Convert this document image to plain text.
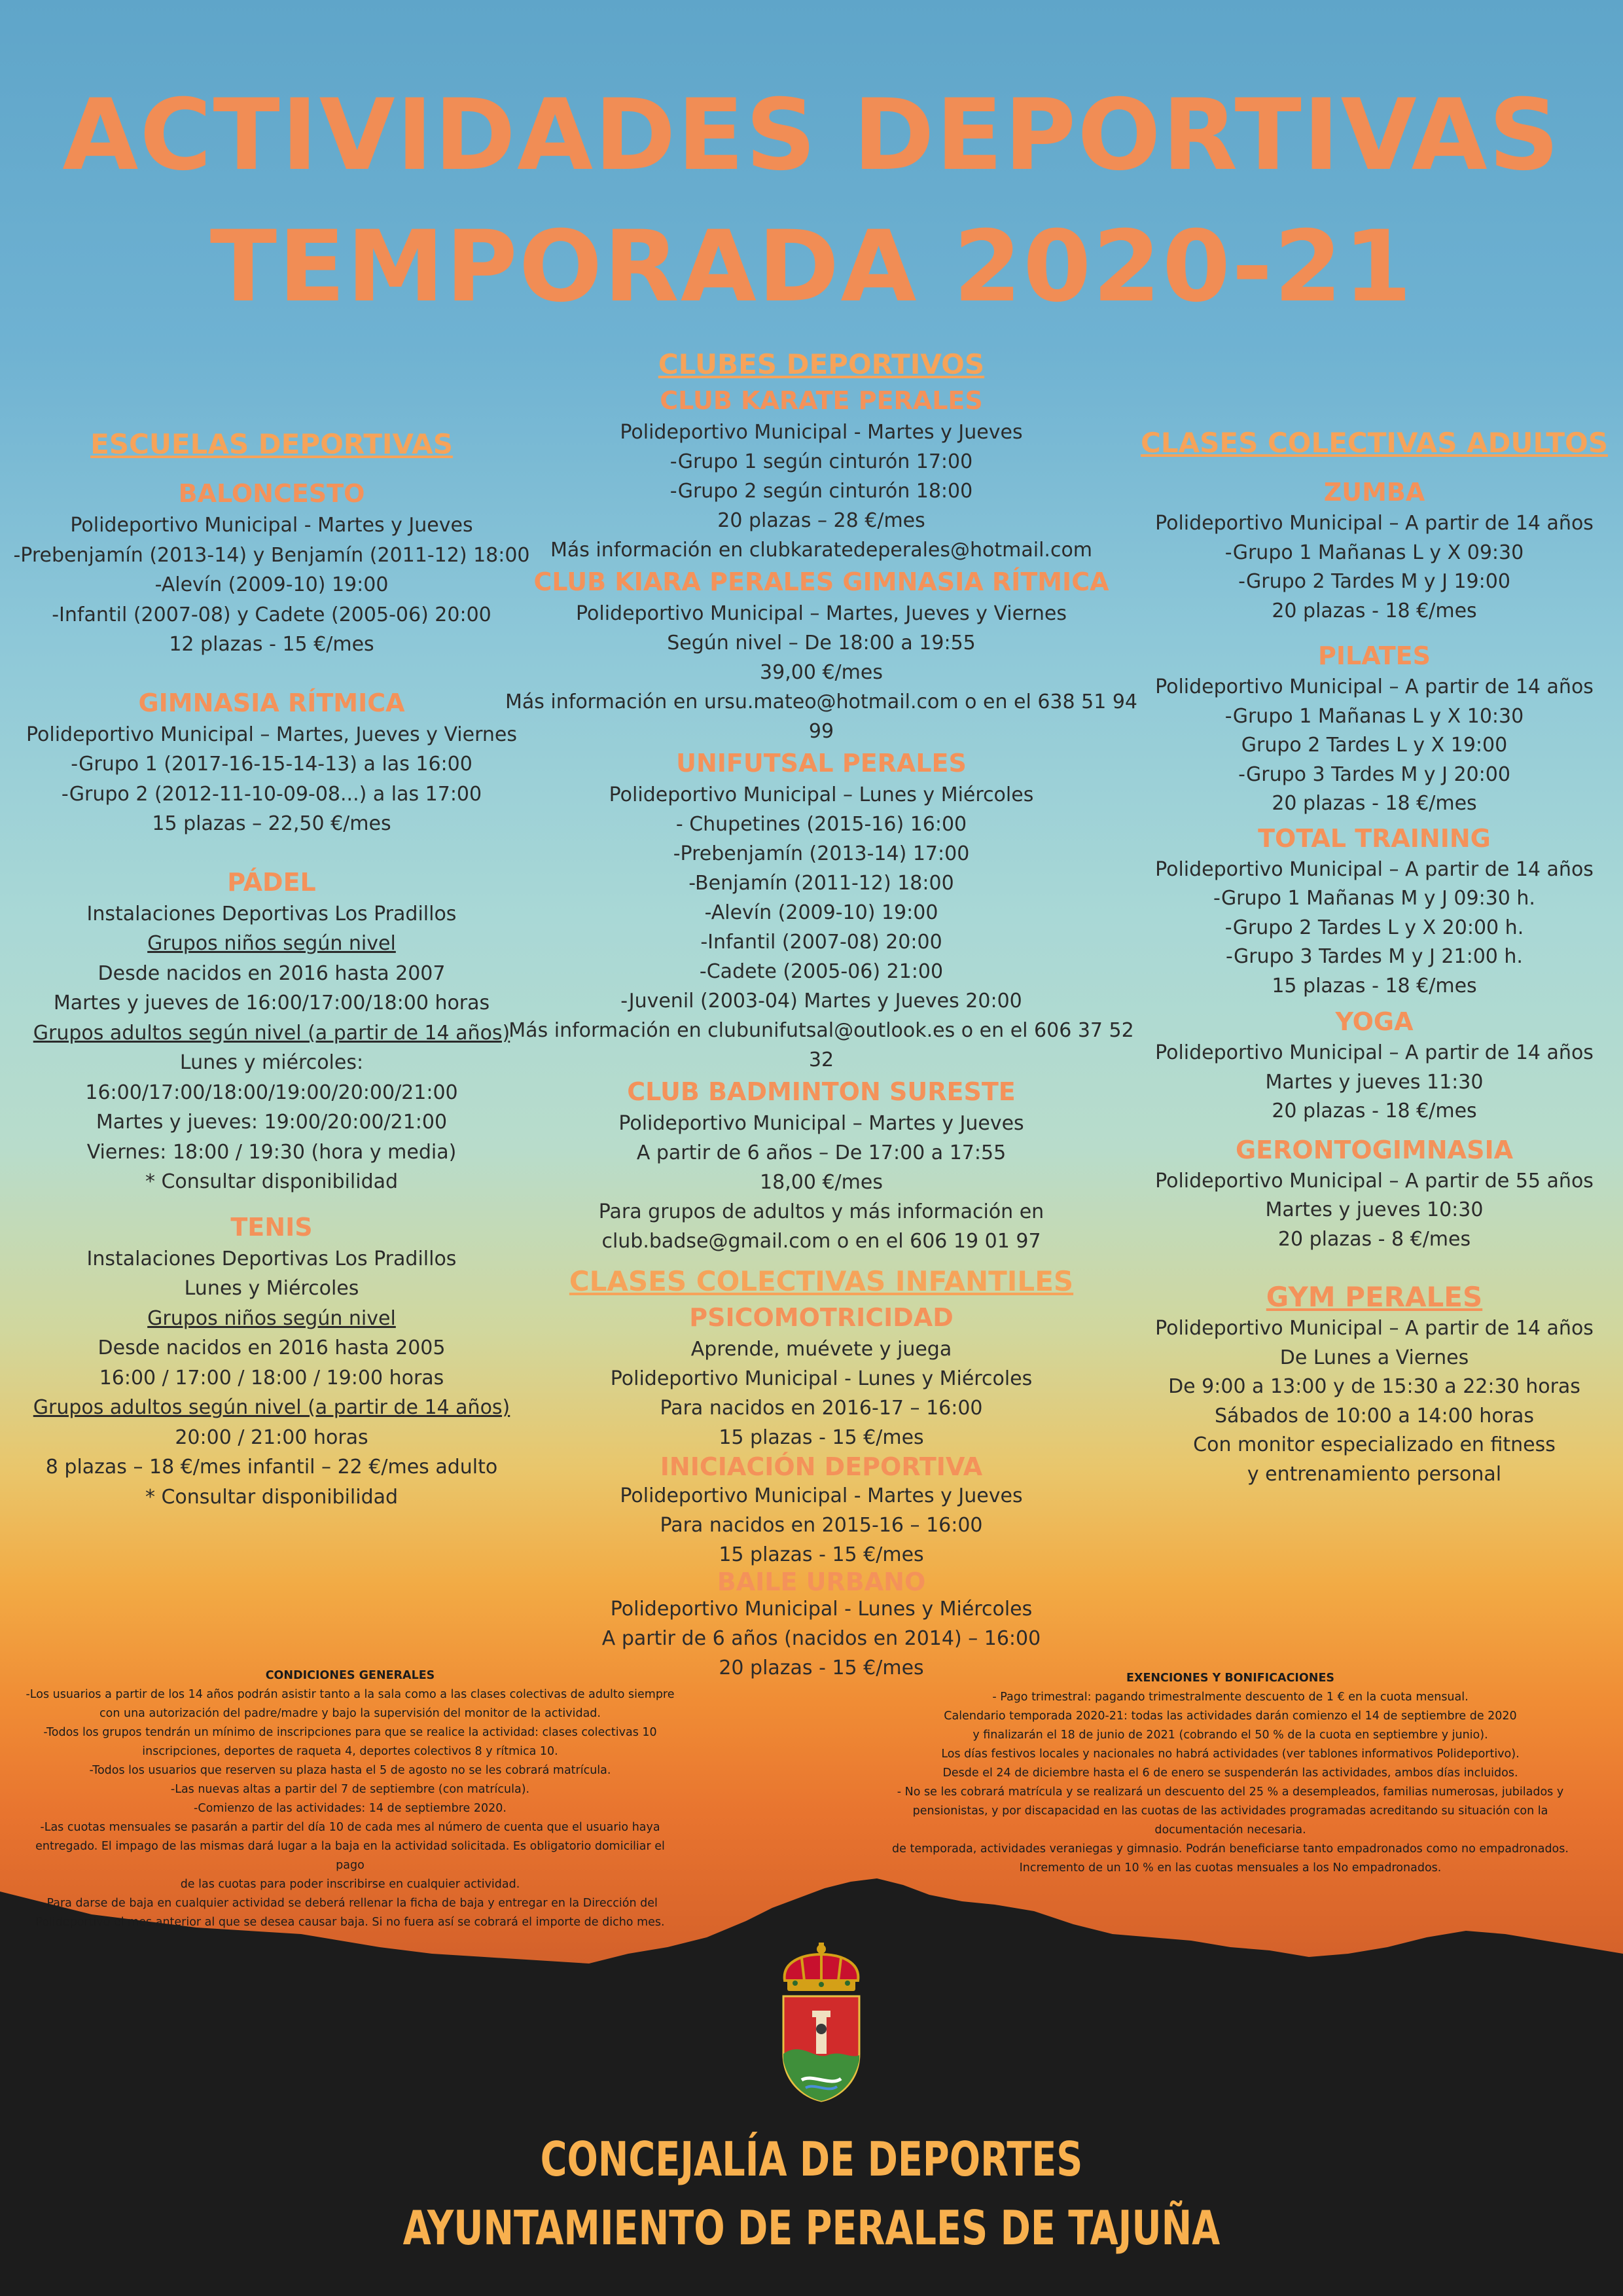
ACTIVIDADES DEPORTIVAS
TEMPORADA 2020-21
ESCUELAS DEPORTIVAS
BALONCESTO
Polideportivo Municipal - Martes y Jueves
-Prebenjamín (2013-14) y Benjamín (2011-12) 18:00
-Alevín (2009-10) 19:00
-Infantil (2007-08) y Cadete (2005-06) 20:00
12 plazas - 15 €/mes
GIMNASIA RÍTMICA
Polideportivo Municipal – Martes, Jueves y Viernes
-Grupo 1 (2017-16-15-14-13) a las 16:00
-Grupo 2 (2012-11-10-09-08...) a las 17:00
15 plazas – 22,50 €/mes
PÁDEL
Instalaciones Deportivas Los Pradillos
Grupos niños según nivel
Desde nacidos en 2016 hasta 2007
Martes y jueves de 16:00/17:00/18:00 horas
Grupos adultos según nivel (a partir de 14 años)
Lunes y miércoles: 16:00/17:00/18:00/19:00/20:00/21:00
Martes y jueves: 19:00/20:00/21:00
Viernes: 18:00 / 19:30 (hora y media)
* Consultar disponibilidad
TENIS
Instalaciones Deportivas Los Pradillos
Lunes y Miércoles
Grupos niños según nivel
Desde nacidos en 2016 hasta 2005
16:00 / 17:00 / 18:00 / 19:00 horas
Grupos adultos según nivel (a partir de 14 años)
20:00 / 21:00 horas
8 plazas – 18 €/mes infantil – 22 €/mes adulto
* Consultar disponibilidad
CLUBES DEPORTIVOS
CLUB KARATE PERALES
Polideportivo Municipal - Martes y Jueves
-Grupo 1 según cinturón 17:00
-Grupo 2 según cinturón 18:00
20 plazas – 28 €/mes
Más información en clubkaratedeperales@hotmail.com
CLUB KIARA PERALES GIMNASIA RÍTMICA
Polideportivo Municipal – Martes, Jueves y Viernes
Según nivel – De 18:00 a 19:55
39,00 €/mes
Más información en ursu.mateo@hotmail.com o en el 638 51 94 99
UNIFUTSAL PERALES
Polideportivo Municipal – Lunes y Miércoles
- Chupetines (2015-16) 16:00
-Prebenjamín (2013-14) 17:00
-Benjamín (2011-12) 18:00
-Alevín (2009-10) 19:00
-Infantil (2007-08) 20:00
-Cadete (2005-06) 21:00
-Juvenil (2003-04) Martes y Jueves 20:00
Más información en clubunifutsal@outlook.es o en el 606 37 52 32
CLUB BADMINTON SURESTE
Polideportivo Municipal – Martes y Jueves
A partir de 6 años – De 17:00 a 17:55
18,00 €/mes
Para grupos de adultos y más información en
club.badse@gmail.com o en el 606 19 01 97
CLASES COLECTIVAS INFANTILES
PSICOMOTRICIDAD
Aprende, muévete y juega
Polideportivo Municipal - Lunes y Miércoles
Para nacidos en 2016-17 – 16:00
15 plazas - 15 €/mes
INICIACIÓN DEPORTIVA
Polideportivo Municipal - Martes y Jueves
Para nacidos en 2015-16 – 16:00
15 plazas - 15 €/mes
BAILE URBANO
Polideportivo Municipal - Lunes y Miércoles
A partir de 6 años (nacidos en 2014) – 16:00
20 plazas - 15 €/mes
CLASES COLECTIVAS ADULTOS
ZUMBA
Polideportivo Municipal – A partir de 14 años
-Grupo 1 Mañanas L y X 09:30
-Grupo 2 Tardes M y J 19:00
20 plazas - 18 €/mes
PILATES
Polideportivo Municipal – A partir de 14 años
-Grupo 1 Mañanas L y X 10:30
Grupo 2 Tardes L y X 19:00
-Grupo 3 Tardes M y J 20:00
20 plazas - 18 €/mes
TOTAL TRAINING
Polideportivo Municipal – A partir de 14 años
-Grupo 1 Mañanas M y J 09:30 h.
-Grupo 2 Tardes L y X 20:00 h.
-Grupo 3 Tardes M y J 21:00 h.
15 plazas - 18 €/mes
YOGA
Polideportivo Municipal – A partir de 14 años
Martes y jueves 11:30
20 plazas - 18 €/mes
GERONTOGIMNASIA
Polideportivo Municipal – A partir de 55 años
Martes y jueves 10:30
20 plazas - 8 €/mes
GYM PERALES
Polideportivo Municipal – A partir de 14 años
De Lunes a Viernes
De 9:00 a 13:00 y de 15:30 a 22:30 horas
Sábados de 10:00 a 14:00 horas
Con monitor especializado en fitness
y entrenamiento personal
CONDICIONES GENERALES
-Los usuarios a partir de los 14 años podrán asistir tanto a la sala como a las clases colectivas de adulto siempre
con una autorización del padre/madre y bajo la supervisión del monitor de la actividad.
-Todos los grupos tendrán un mínimo de inscripciones para que se realice la actividad: clases colectivas 10
inscripciones, deportes de raqueta 4, deportes colectivos 8 y rítmica 10.
-Todos los usuarios que reserven su plaza hasta el 5 de agosto no se les cobrará matrícula.
-Las nuevas altas a partir del 7 de septiembre (con matrícula).
-Comienzo de las actividades: 14 de septiembre 2020.
-Las cuotas mensuales se pasarán a partir del día 10 de cada mes al número de cuenta que el usuario haya
entregado. El impago de las mismas dará lugar a la baja en la actividad solicitada. Es obligatorio domiciliar el pago
de las cuotas para poder inscribirse en cualquier actividad.
-Para darse de baja en cualquier actividad se deberá rellenar la ficha de baja y entregar en la Dirección del
Polideportivo el mes anterior al que se desea causar baja. Si no fuera así se cobrará el importe de dicho mes.
EXENCIONES Y BONIFICACIONES
- Pago trimestral: pagando trimestralmente descuento de 1 € en la cuota mensual.
Calendario temporada 2020-21: todas las actividades darán comienzo el 14 de septiembre de 2020
y finalizarán el 18 de junio de 2021 (cobrando el 50 % de la cuota en septiembre y junio).
Los días festivos locales y nacionales no habrá actividades (ver tablones informativos Polideportivo).
Desde el 24 de diciembre hasta el 6 de enero se suspenderán las actividades, ambos días incluidos.
- No se les cobrará matrícula y se realizará un descuento del 25 % a desempleados, familias numerosas, jubilados y
pensionistas, y por discapacidad en las cuotas de las actividades programadas acreditando su situación con la
documentación necesaria.
de temporada, actividades veraniegas y gimnasio. Podrán beneficiarse tanto empadronados como no empadronados.
Incremento de un 10 % en las cuotas mensuales a los No empadronados.
CONCEJALÍA DE DEPORTES
AYUNTAMIENTO DE PERALES DE TAJUÑA
